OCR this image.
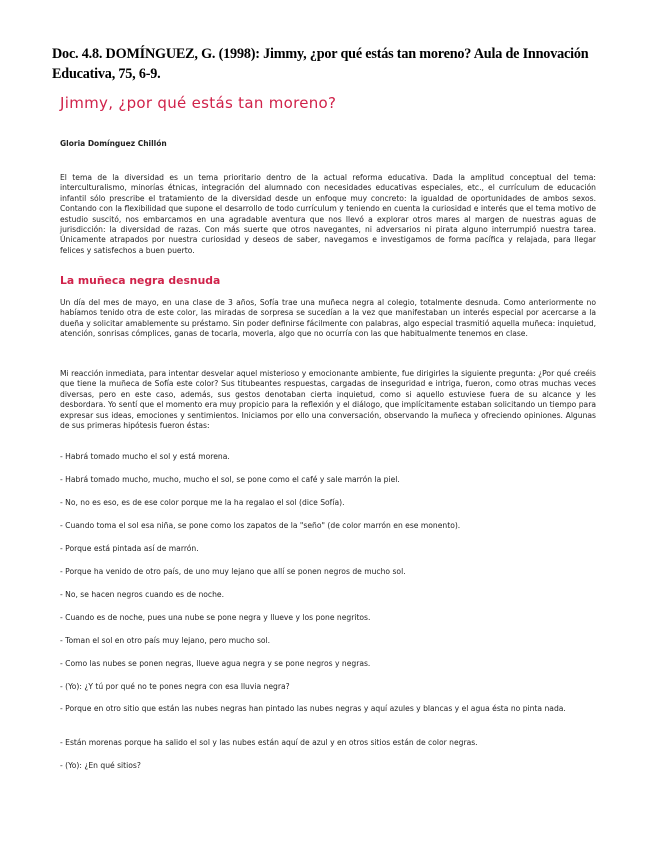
Doc. 4.8. DOMÍNGUEZ, G. (1998): Jimmy, ¿por qué estás tan moreno? Aula de Innovación Educativa, 75, 6-9.
Jimmy, ¿por qué estás tan moreno?
Gloria Domínguez Chillón

El tema de la diversidad es un tema prioritario dentro de la actual reforma educativa. Dada la amplitud conceptual del tema: interculturalismo, minorías étnicas, integración del alumnado con necesidades educativas especiales, etc., el currículum de educación infantil sólo prescribe el tratamiento de la diversidad desde un enfoque muy concreto: la igualdad de oportunidades de ambos sexos. Contando con la flexibilidad que supone el desarrollo de todo currículum y teniendo en cuenta la curiosidad e interés que el tema motivo de estudio suscitó, nos embarcamos en una agradable aventura que nos llevó a explorar otros mares al margen de nuestras aguas de jurisdicción: la diversidad de razas. Con más suerte que otros navegantes, ni adversarios ni pirata alguno interrumpió nuestra tarea. Únicamente atrapados por nuestra curiosidad y deseos de saber, navegamos e investigamos de forma pacífica y relajada, para llegar felices y satisfechos a buen puerto.

La muñeca negra desnuda

Un día del mes de mayo, en una clase de 3 años, Sofía trae una muñeca negra al colegio, totalmente desnuda. Como anteriormente no habíamos tenido otra de este color, las miradas de sorpresa se sucedían a la vez que manifestaban un interés especial por acercarse a la dueña y solicitar amablemente su préstamo. Sin poder definirse fácilmente con palabras, algo especial trasmitió aquella muñeca: inquietud, atención, sonrisas cómplices, ganas de tocarla, moverla, algo que no ocurría con las que habitualmente tenemos en clase.

Mi reacción inmediata, para intentar desvelar aquel misterioso y emocionante ambiente, fue dirigirles la siguiente pregunta: ¿Por qué creéis que tiene la muñeca de Sofía este color? Sus titubeantes respuestas, cargadas de inseguridad e intriga, fueron, como otras muchas veces diversas, pero en este caso, además, sus gestos denotaban cierta inquietud, como si aquello estuviese fuera de su alcance y les desbordara. Yo sentí que el momento era muy propicio para la reflexión y el diálogo, que implícitamente estaban solicitando un tiempo para expresar sus ideas, emociones y sentimientos. Iniciamos por ello una conversación, observando la muñeca y ofreciendo opiniones. Algunas de sus primeras hipótesis fueron éstas:

- Habrá tomado mucho el sol y está morena.

- Habrá tomado mucho, mucho, mucho el sol, se pone como el café y sale marrón la piel.

- No, no es eso, es de ese color porque me la ha regalao el sol (dice Sofía).

- Cuando toma el sol esa niña, se pone como los zapatos de la "seño" (de color marrón en ese monento).

- Porque está pintada así de marrón.

- Porque ha venido de otro país, de uno muy lejano que allí se ponen negros de mucho sol.

- No, se hacen negros cuando es de noche.

- Cuando es de noche, pues una nube se pone negra y llueve y los pone negritos.

- Toman el sol en otro país muy lejano, pero mucho sol.

- Como las nubes se ponen negras, llueve agua negra y se pone negros y negras.

- (Yo): ¿Y tú por qué no te pones negra con esa lluvia negra?

- Porque en otro sitio que están las nubes negras han pintado las nubes negras y aquí azules y blancas y el agua ésta no pinta nada.

- Están morenas porque ha salido el sol y las nubes están aquí de azul y en otros sitios están de color negras.

- (Yo): ¿En qué sitios?
